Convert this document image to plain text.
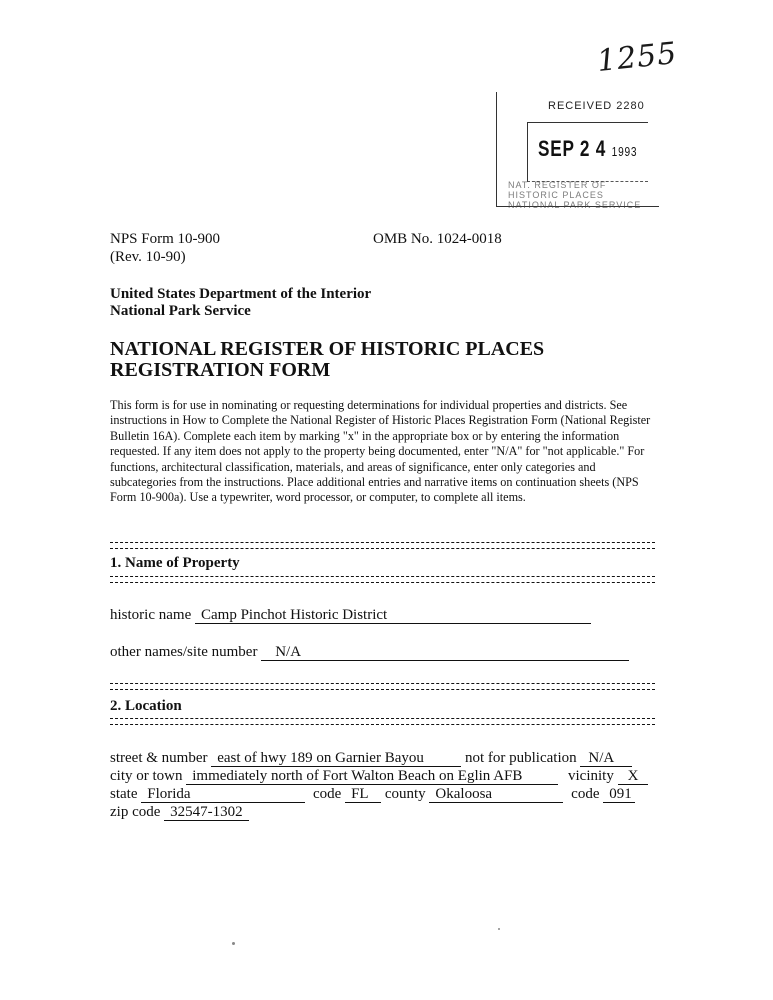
1255
RECEIVED 2280
SEP 2 4 1993
NAT. REGISTER OF HISTORIC PLACES NATIONAL PARK SERVICE
NPS Form 10-900
(Rev. 10-90)
OMB No. 1024-0018
United States Department of the Interior
National Park Service
NATIONAL REGISTER OF HISTORIC PLACES
REGISTRATION FORM
This form is for use in nominating or requesting determinations for individual properties and districts. See instructions in How to Complete the National Register of Historic Places Registration Form (National Register Bulletin 16A). Complete each item by marking "x" in the appropriate box or by entering the information requested. If any item does not apply to the property being documented, enter "N/A" for "not applicable." For functions, architectural classification, materials, and areas of significance, enter only categories and subcategories from the instructions. Place additional entries and narrative items on continuation sheets (NPS Form 10-900a). Use a typewriter, word processor, or computer, to complete all items.
1. Name of Property
historic name Camp Pinchot Historic District
other names/site number N/A
2. Location
street & number east of hwy 189 on Garnier Bayou	not for publication N/A
city or town immediately north of Fort Walton Beach on Eglin AFB	vicinity X
state Florida	code FL county Okaloosa	code 091
zip code 32547-1302
